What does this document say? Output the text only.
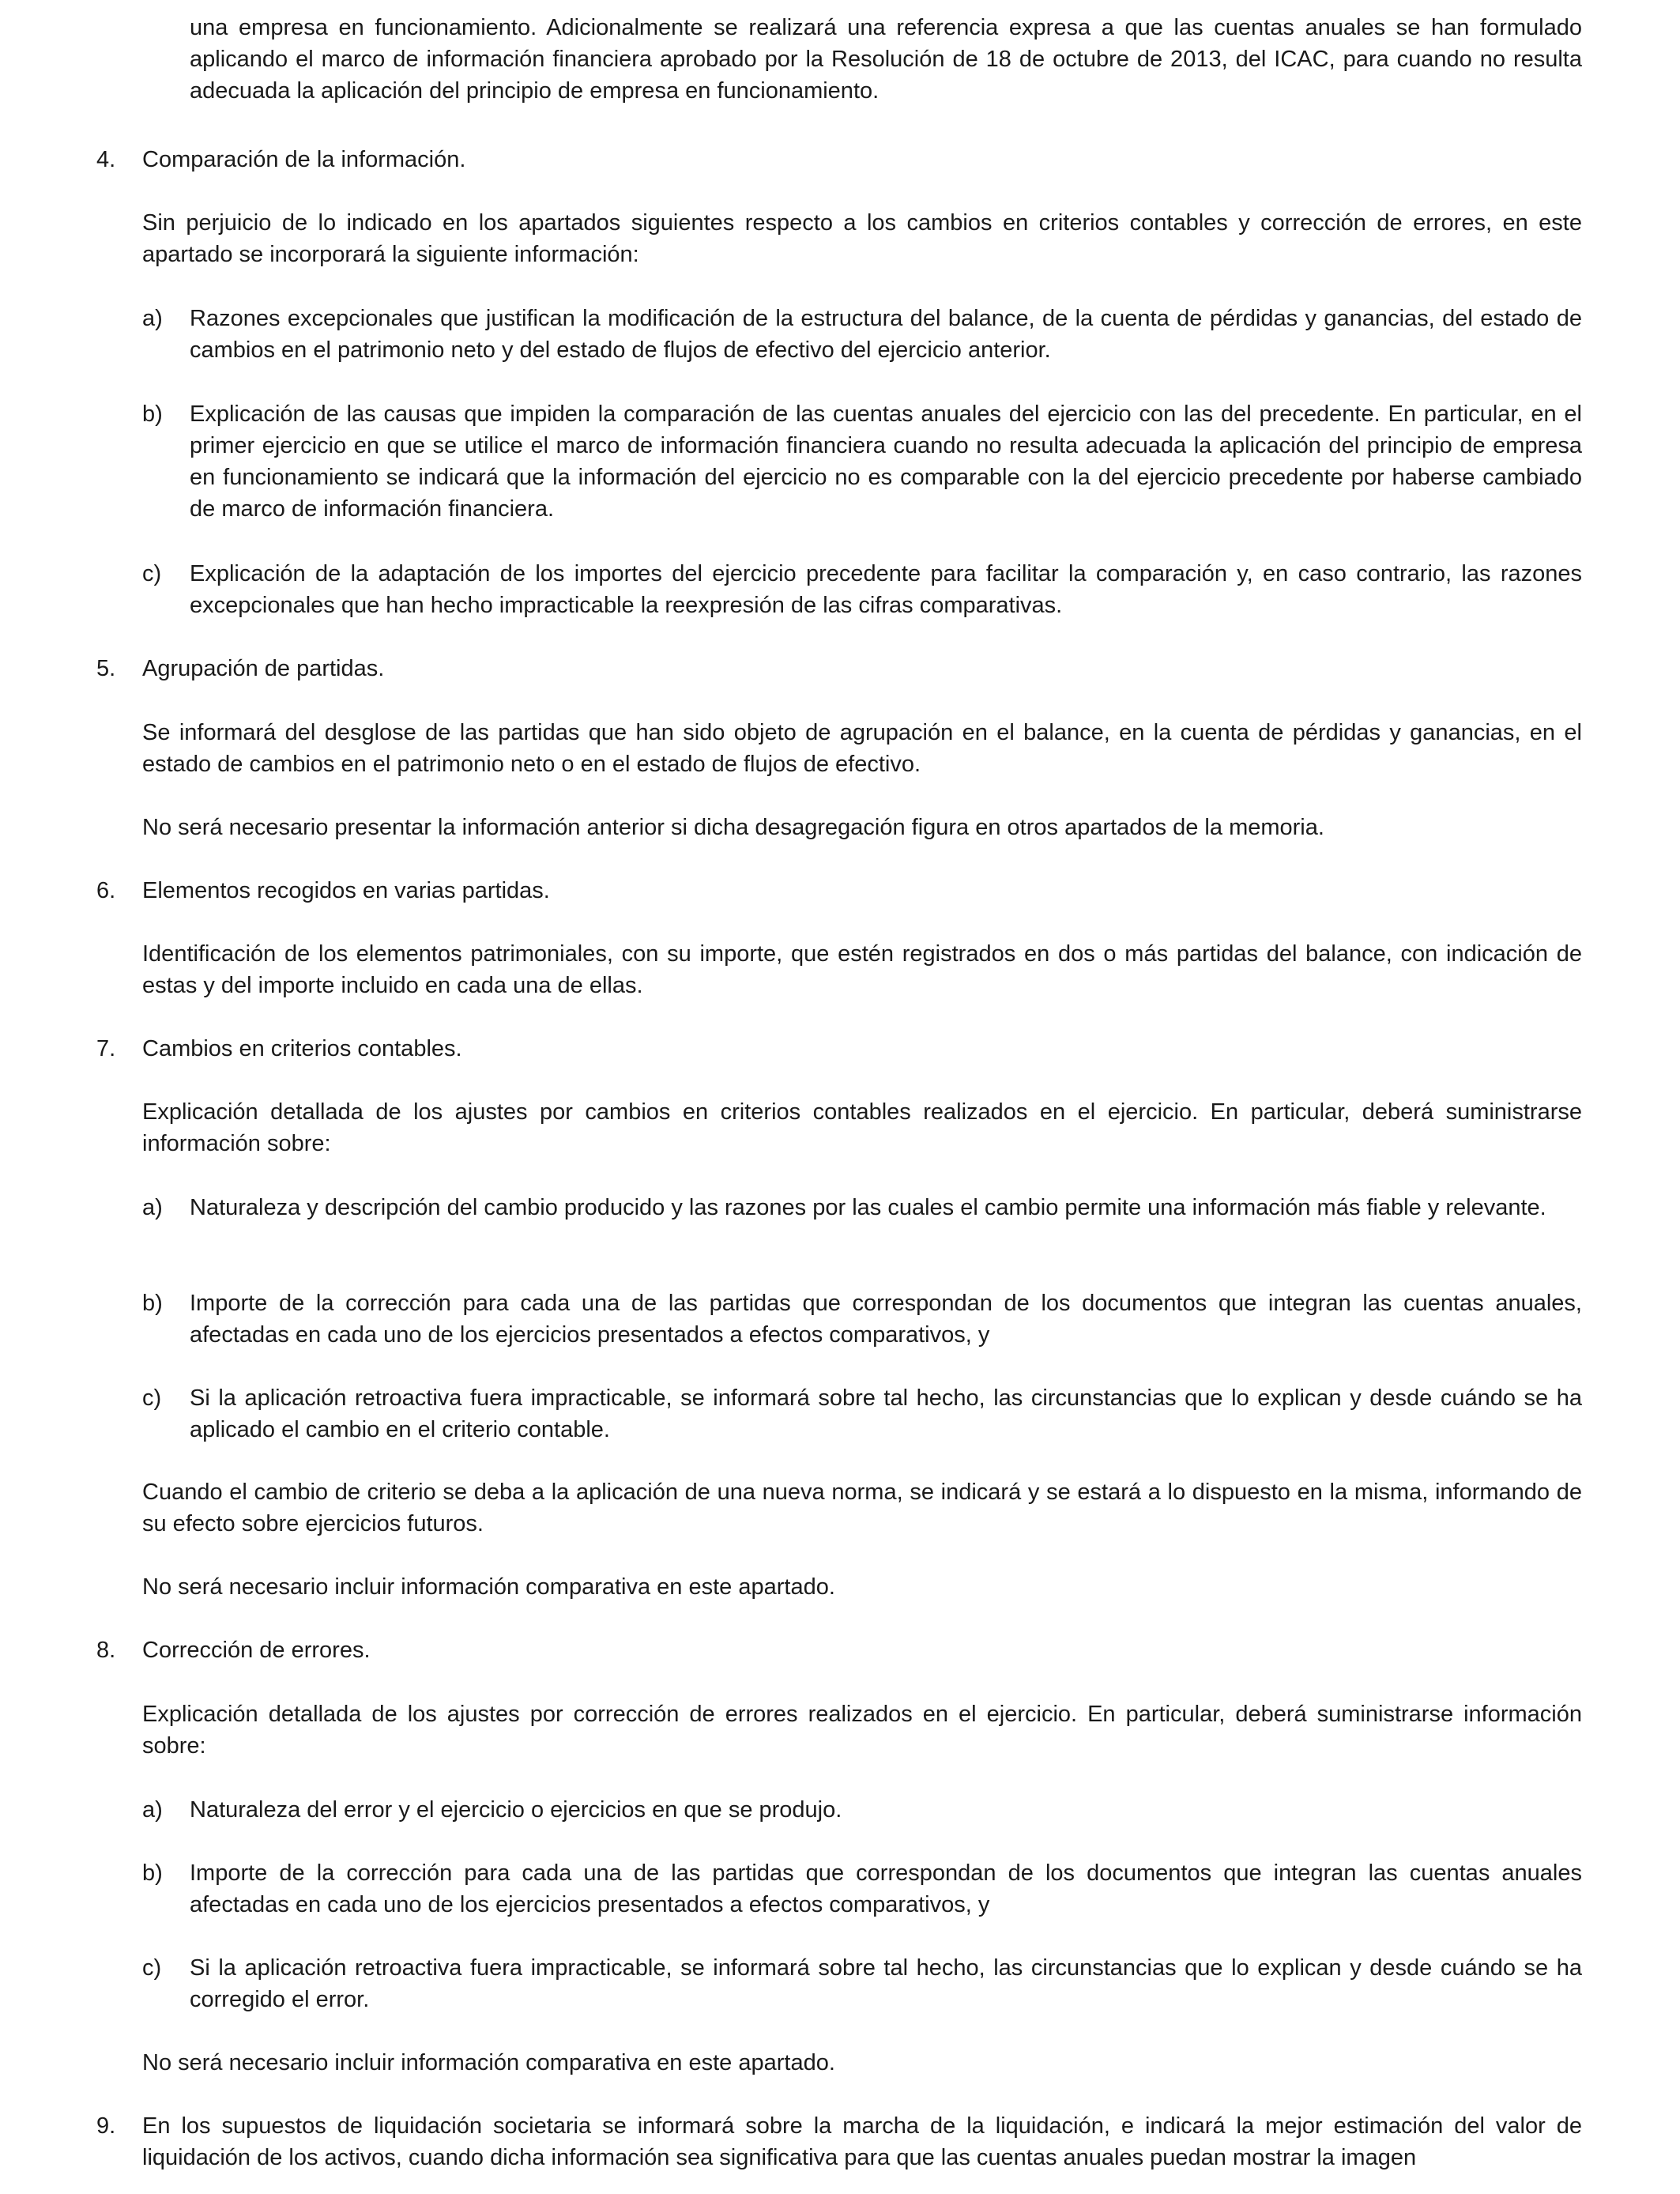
una empresa en funcionamiento. Adicionalmente se realizará una referencia expresa a que las cuentas anuales se han formulado aplicando el marco de información financiera aprobado por la Resolución de 18 de octubre de 2013, del ICAC, para cuando no resulta adecuada la aplicación del principio de empresa en funcionamiento.

4.	Comparación de la información.

Sin perjuicio de lo indicado en los apartados siguientes respecto a los cambios en criterios contables y corrección de errores, en este apartado se incorporará la siguiente información:

a)	Razones excepcionales que justifican la modificación de la estructura del balance, de la cuenta de pérdidas y ganancias, del estado de cambios en el patrimonio neto y del estado de flujos de efectivo del ejercicio anterior.

b)	Explicación de las causas que impiden la comparación de las cuentas anuales del ejercicio con las del precedente. En particular, en el primer ejercicio en que se utilice el marco de información financiera cuando no resulta adecuada la aplicación del principio de empresa en funcionamiento se indicará que la información del ejercicio no es comparable con la del ejercicio precedente por haberse cambiado de marco de información financiera.

c)	Explicación de la adaptación de los importes del ejercicio precedente para facilitar la comparación y, en caso contrario, las razones excepcionales que han hecho impracticable la reexpresión de las cifras comparativas.

5.	Agrupación de partidas.

Se informará del desglose de las partidas que han sido objeto de agrupación en el balance, en la cuenta de pérdidas y ganancias, en el estado de cambios en el patrimonio neto o en el estado de flujos de efectivo.

No será necesario presentar la información anterior si dicha desagregación figura en otros apartados de la memoria.

6.	Elementos recogidos en varias partidas.

Identificación de los elementos patrimoniales, con su importe, que estén registrados en dos o más partidas del balance, con indicación de estas y del importe incluido en cada una de ellas.

7.	Cambios en criterios contables.

Explicación detallada de los ajustes por cambios en criterios contables realizados en el ejercicio. En particular, deberá suministrarse información sobre:

a)	Naturaleza y descripción del cambio producido y las razones por las cuales el cambio permite una información más fiable y relevante.

b)	Importe de la corrección para cada una de las partidas que correspondan de los documentos que integran las cuentas anuales, afectadas en cada uno de los ejercicios presentados a efectos comparativos, y

c)	Si la aplicación retroactiva fuera impracticable, se informará sobre tal hecho, las circunstancias que lo explican y desde cuándo se ha aplicado el cambio en el criterio contable.

Cuando el cambio de criterio se deba a la aplicación de una nueva norma, se indicará y se estará a lo dispuesto en la misma, informando de su efecto sobre ejercicios futuros.

No será necesario incluir información comparativa en este apartado.

8.	Corrección de errores.

Explicación detallada de los ajustes por corrección de errores realizados en el ejercicio. En particular, deberá suministrarse información sobre:

a)	Naturaleza del error y el ejercicio o ejercicios en que se produjo.

b)	Importe de la corrección para cada una de las partidas que correspondan de los documentos que integran las cuentas anuales afectadas en cada uno de los ejercicios presentados a efectos comparativos, y

c)	Si la aplicación retroactiva fuera impracticable, se informará sobre tal hecho, las circunstancias que lo explican y desde cuándo se ha corregido el error.

No será necesario incluir información comparativa en este apartado.

9.	En los supuestos de liquidación societaria se informará sobre la marcha de la liquidación, e indicará la mejor estimación del valor de liquidación de los activos, cuando dicha información sea significativa para que las cuentas anuales puedan mostrar la imagen
